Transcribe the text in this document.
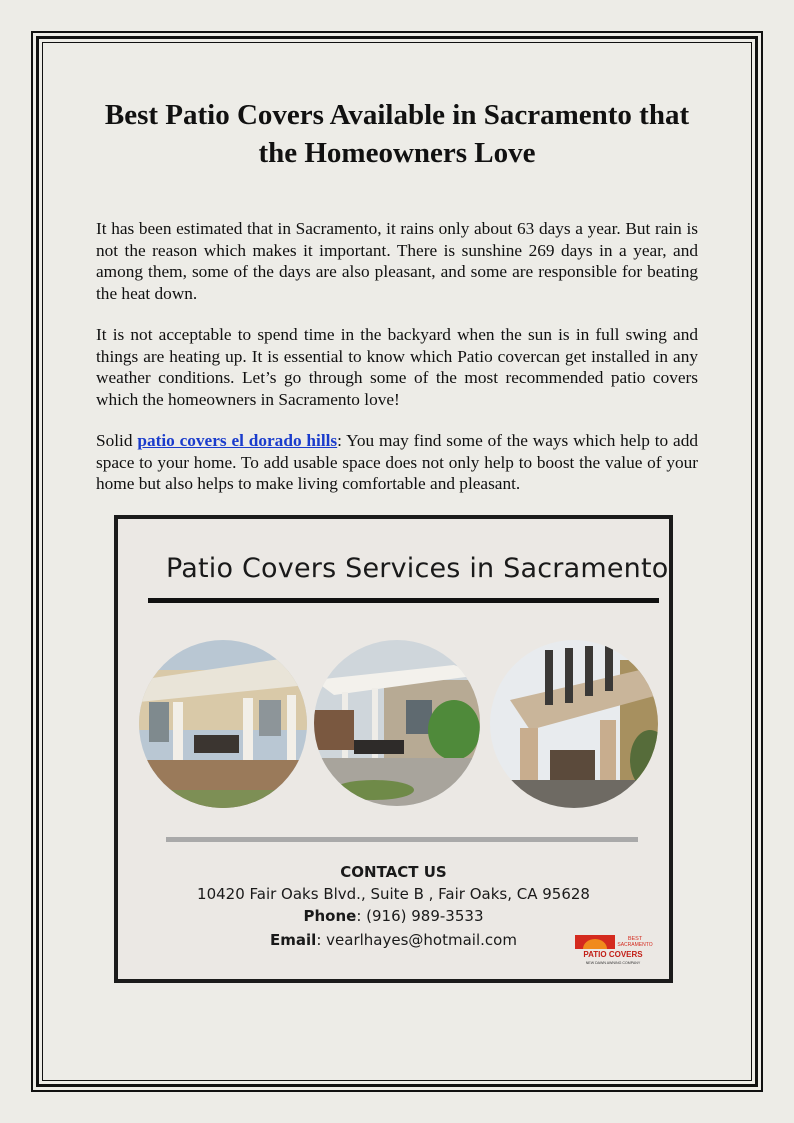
Best Patio Covers Available in Sacramento that the Homeowners Love

It has been estimated that in Sacramento, it rains only about 63 days a year. But rain is not the reason which makes it important. There is sunshine 269 days in a year, and among them, some of the days are also pleasant, and some are responsible for beating the heat down.

It is not acceptable to spend time in the backyard when the sun is in full swing and things are heating up. It is essential to know which Patio covercan get installed in any weather conditions. Let’s go through some of the most recommended patio covers which the homeowners in Sacramento love!

Solid patio covers el dorado hills: You may find some of the ways which help to add space to your home. To add usable space does not only help to boost the value of your home but also helps to make living comfortable and pleasant.

Patio Covers Services in Sacramento
CONTACT US
10420 Fair Oaks Blvd., Suite B , Fair Oaks, CA 95628
Phone: (916) 989-3533
Email: vearlhayes@hotmail.com	BEST
SACRAMENTO
PATIO COVERS
NEW DAWN AWNING COMPANY
